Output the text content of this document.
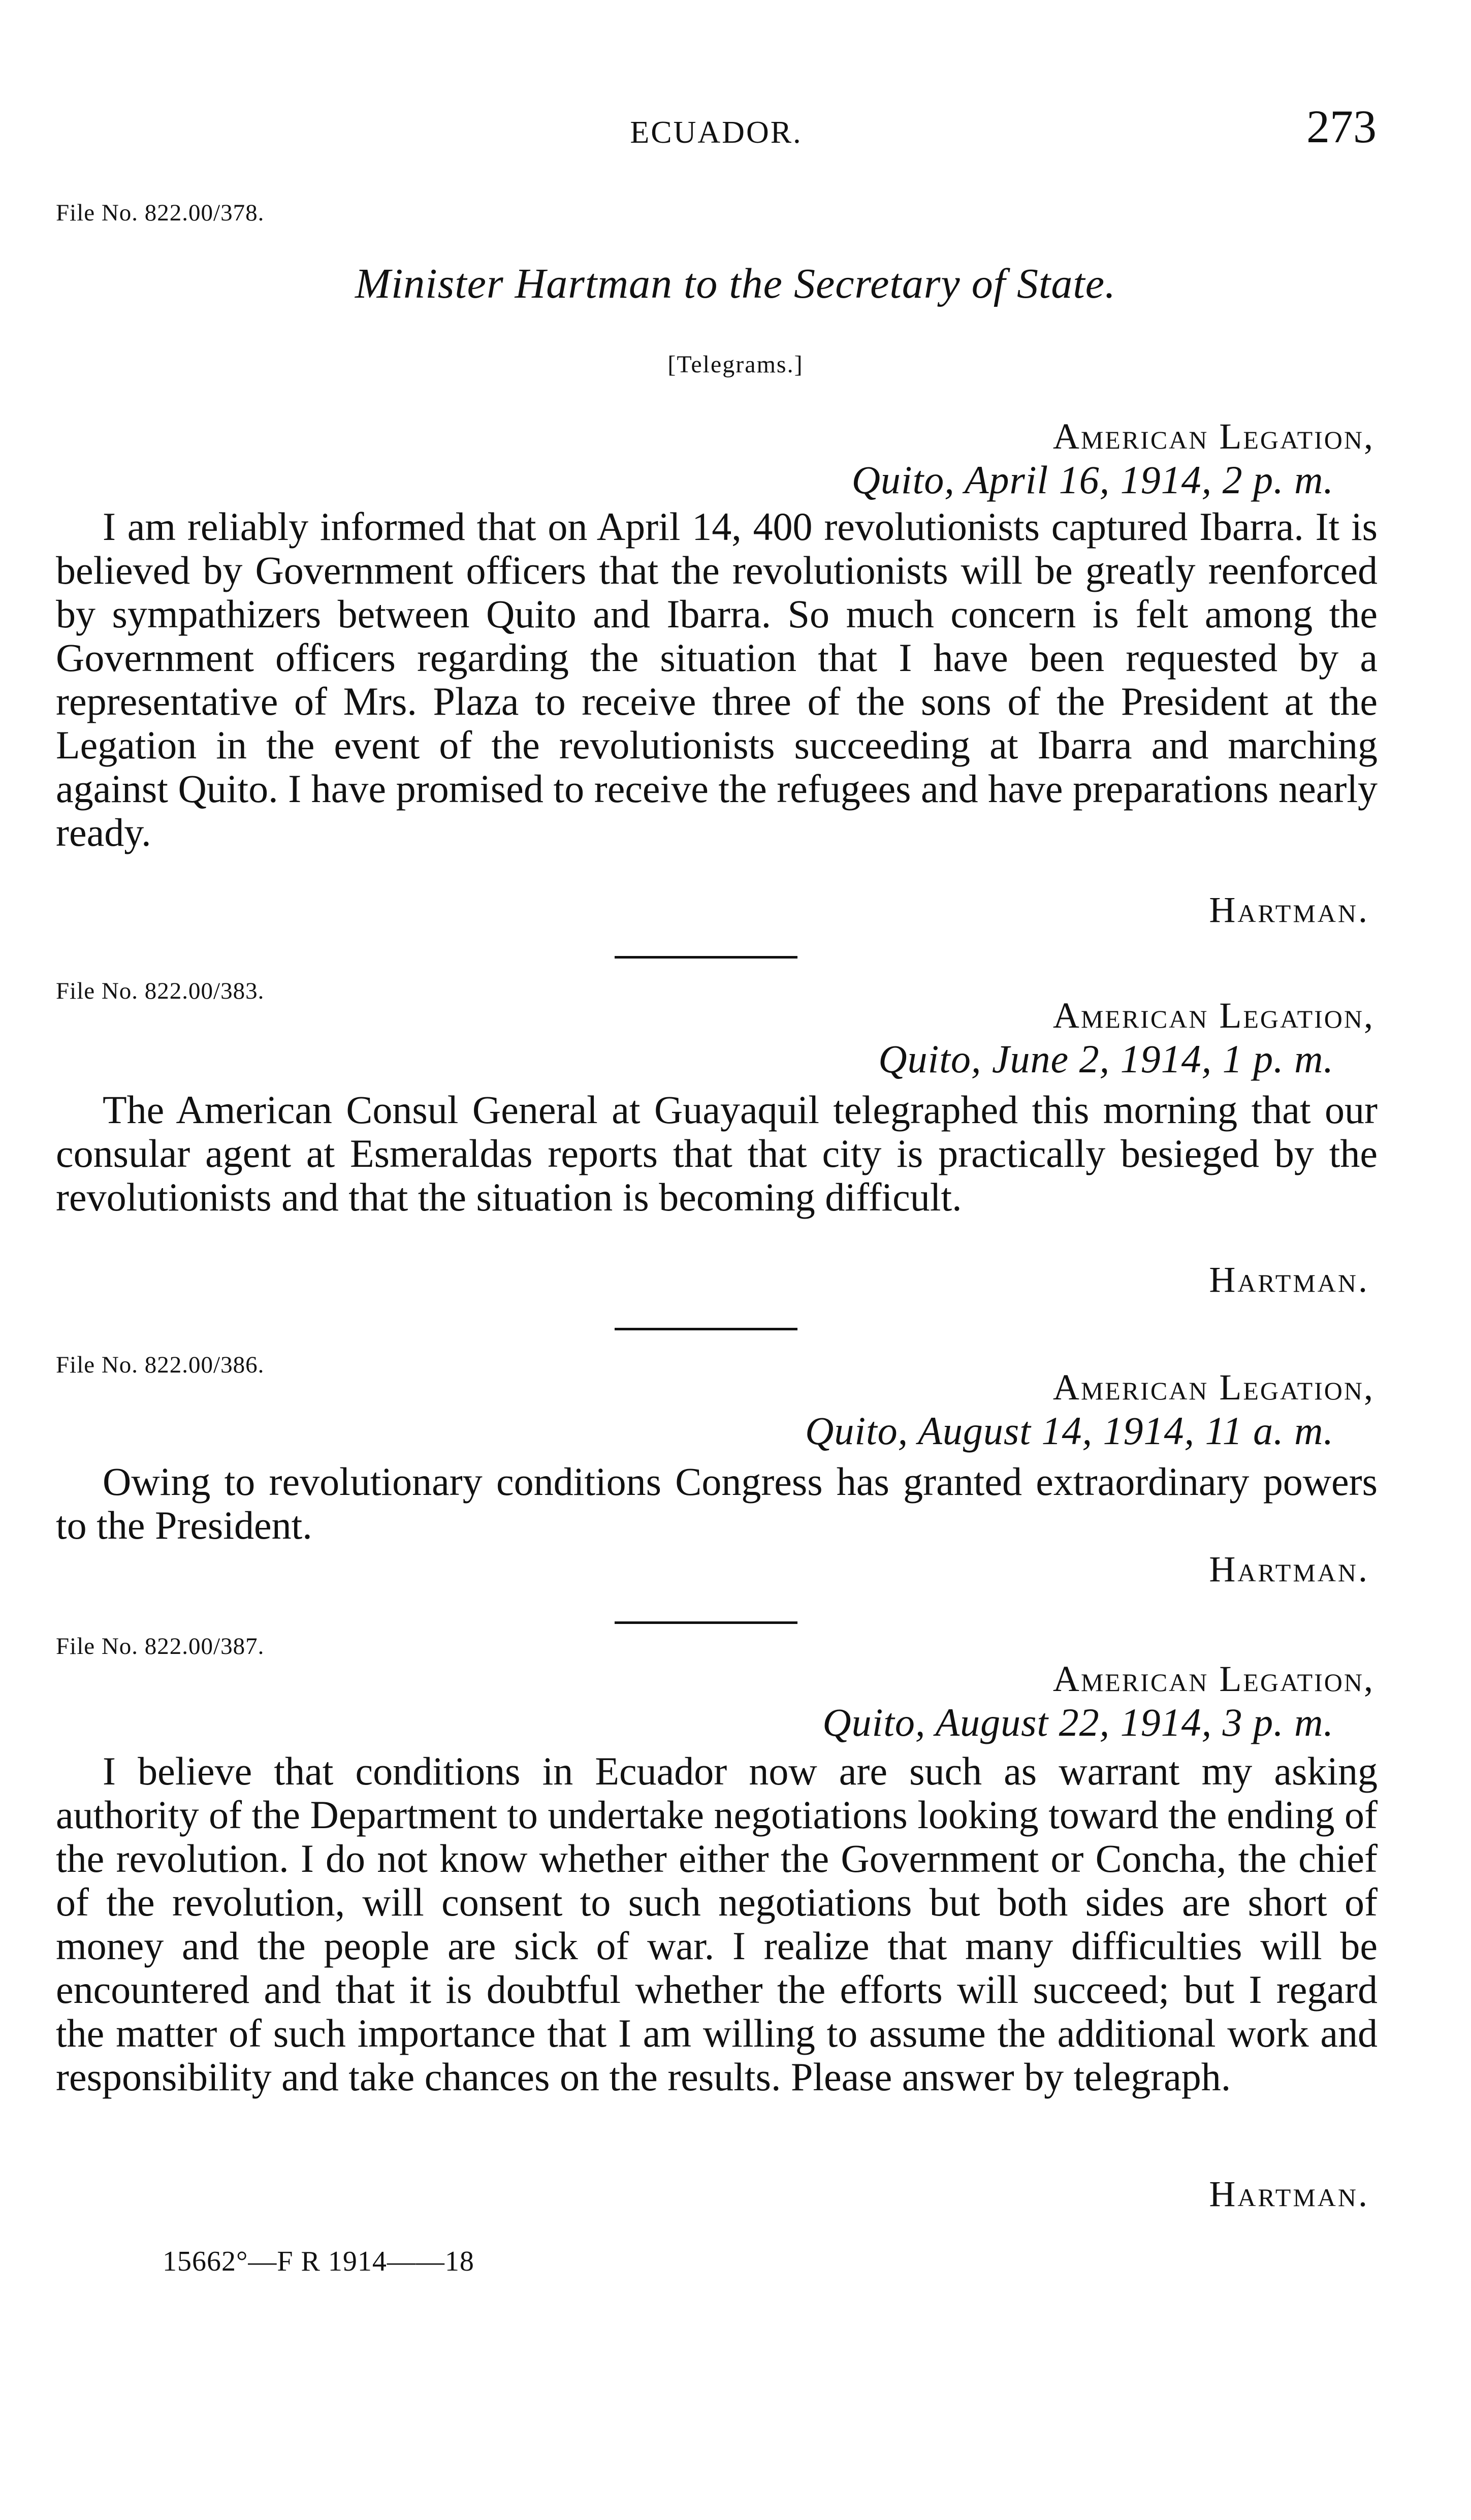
ECUADOR.	273
File No. 822.00/378.
Minister Hartman to the Secretary of State.
[Telegrams.]
American Legation,
Quito, April 16, 1914, 2 p. m.

I am reliably informed that on April 14, 400 revolutionists captured Ibarra. It is believed by Government officers that the revolutionists will be greatly reenforced by sympathizers between Quito and Ibarra. So much concern is felt among the Government officers regarding the situation that I have been requested by a representative of Mrs. Plaza to receive three of the sons of the President at the Legation in the event of the revolutionists succeeding at Ibarra and marching against Quito. I have promised to receive the refugees and have preparations nearly ready.

Hartman.
File No. 822.00/383.
American Legation,
Quito, June 2, 1914, 1 p. m.

The American Consul General at Guayaquil telegraphed this morning that our consular agent at Esmeraldas reports that that city is practically besieged by the revolutionists and that the situation is becoming difficult.

Hartman.
File No. 822.00/386.
American Legation,
Quito, August 14, 1914, 11 a. m.

Owing to revolutionary conditions Congress has granted extraordinary powers to the President.

Hartman.
File No. 822.00/387.
American Legation,
Quito, August 22, 1914, 3 p. m.

I believe that conditions in Ecuador now are such as warrant my asking authority of the Department to undertake negotiations looking toward the ending of the revolution. I do not know whether either the Government or Concha, the chief of the revolution, will consent to such negotiations but both sides are short of money and the people are sick of war. I realize that many difficulties will be encountered and that it is doubtful whether the efforts will succeed; but I regard the matter of such importance that I am willing to assume the additional work and responsibility and take chances on the results. Please answer by telegraph.

Hartman.
15662°—F R 1914——18
